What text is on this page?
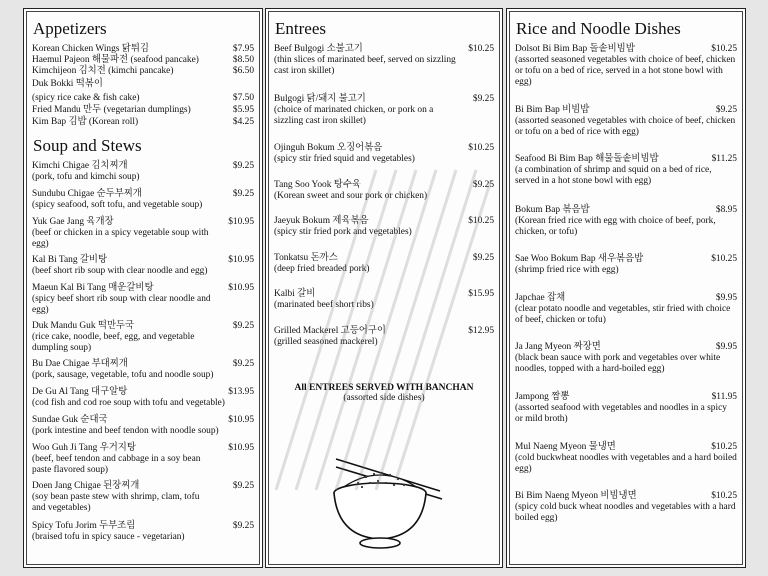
Appetizers
Korean Chicken Wings 닭튀김	$7.95
Haemul Pajeon 해물파전 (seafood pancake)	$8.50
Kimchijeon 김치전 (kimchi pancake)	$6.50
Duk Bokki 떡볶이
(spicy rice cake & fish cake)	$7.50
Fried Mandu 만두 (vegetarian dumplings)	$5.95
Kim Bap 김밥 (Korean roll)	$4.25
Soup and Stews
Kimchi Chigae 김치찌개
(pork, tofu and kimchi soup)
$9.25
Sundubu Chigae 순두부찌개
(spicy seafood, soft tofu, and vegetable soup)
$9.25
Yuk Gae Jang 육개장
(beef or chicken in a spicy vegetable soup with egg)
$10.95
Kal Bi Tang 갈비탕
(beef short rib soup with clear noodle and egg)
$10.95
Maeun Kal Bi Tang 매운갈비탕
(spicy beef short rib soup with clear noodle and egg)
$10.95
Duk Mandu Guk 떡만두국
(rice cake, noodle, beef, egg, and vegetable dumpling soup)
$9.25
Bu Dae Chigae 부대찌개
(pork, sausage, vegetable, tofu and noodle soup)
$9.25
De Gu Al Tang 대구알탕
(cod fish and cod roe soup with tofu and vegetable)
$13.95
Sundae Guk 순대국
(pork intestine and beef tendon with noodle soup)
$10.95
Woo Guh Ji Tang 우거지탕
(beef, beef tendon and cabbage in a soy bean paste flavored soup)
$10.95
Doen Jang Chigae 된장찌개
(soy bean paste stew with shrimp, clam, tofu and vegetables)
$9.25
Spicy Tofu Jorim 두부조림
(braised tofu in spicy sauce - vegetarian)
$9.25
Entrees
Beef Bulgogi 소불고기
(thin slices of marinated beef, served on sizzling cast iron skillet)
$10.25
Bulgogi 닭/돼지 불고기
(choice of marinated chicken, or pork on a sizzling cast iron skillet)
$9.25
Ojinguh Bokum 오징어볶음
(spicy stir fried squid and vegetables)
$10.25
Tang Soo Yook 탕수육
(Korean sweet and sour pork or chicken)
$9.25
Jaeyuk Bokum 제육볶음
(spicy stir fried pork and vegetables)
$10.25
Tonkatsu 돈까스
(deep fried breaded pork)
$9.25
Kalbi 갈비
(marinated beef short ribs)
$15.95
Grilled Mackerel 고등어구이
(grilled seasoned mackerel)
$12.95
All ENTREES SERVED WITH BANCHAN
(assorted side dishes)
Rice and Noodle Dishes
Dolsot Bi Bim Bap 돌솥비빔밥
(assorted seasoned vegetables with choice of beef, chicken or tofu on a bed of rice, served in a hot stone bowl with egg)
$10.25
Bi Bim Bap 비빔밥
(assorted seasoned vegetables with choice of beef, chicken or tofu on a bed of rice with egg)
$9.25
Seafood Bi Bim Bap 해물돌솥비빔밥
(a combination of shrimp and squid on a bed of rice, served in a hot stone bowl with egg)
$11.25
Bokum Bap 볶음밥
(Korean fried rice with egg with choice of beef, pork, chicken, or tofu)
$8.95
Sae Woo Bokum Bap 새우볶음밥
(shrimp fried rice with egg)
$10.25
Japchae 잡채
(clear potato noodle and vegetables, stir fried with choice of beef, chicken or tofu)
$9.95
Ja Jang Myeon 짜장면
(black bean sauce with pork and vegetables over white noodles, topped with a hard-boiled egg)
$9.95
Jampong 짬뽕
(assorted seafood with vegetables and noodles in a spicy or mild broth)
$11.95
Mul Naeng Myeon 물냉면
(cold buckwheat noodles with vegetables and a hard boiled egg)
$10.25
Bi Bim Naeng Myeon 비빔냉면
(spicy cold buck wheat noodles and vegetables with a hard boiled egg)
$10.25
